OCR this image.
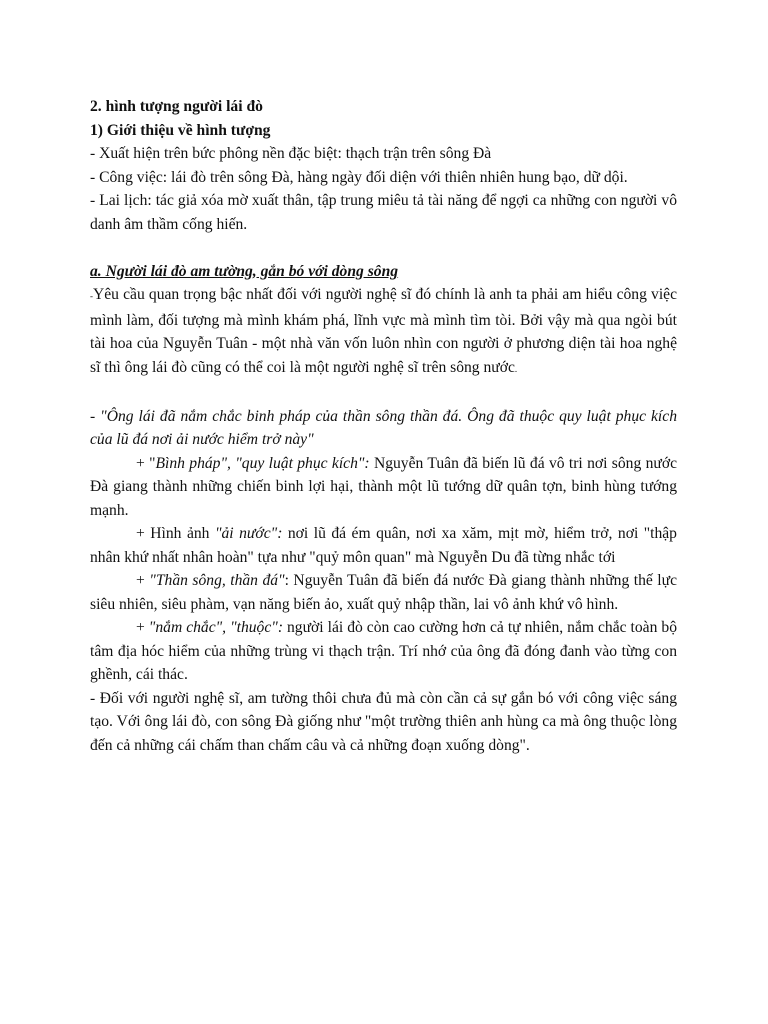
2. hình tượng người lái đò

1) Giới thiệu về hình tượng

- Xuất hiện trên bức phông nền đặc biệt: thạch trận trên sông Đà

- Công việc: lái đò trên sông Đà, hàng ngày đối diện với thiên nhiên hung bạo, dữ dội.

- Lai lịch: tác giả xóa mờ xuất thân, tập trung miêu tả tài năng để ngợi ca những con người vô danh âm thầm cống hiến.

a. Người lái đò am tường, gắn bó với dòng sông

-Yêu cầu quan trọng bậc nhất đối với người nghệ sĩ đó chính là anh ta phải am hiểu công việc mình làm, đối tượng mà mình khám phá, lĩnh vực mà mình tìm tòi. Bởi vậy mà qua ngòi bút tài hoa của Nguyễn Tuân - một nhà văn vốn luôn nhìn con người ở phương diện tài hoa nghệ sĩ thì ông lái đò cũng có thể coi là một người nghệ sĩ trên sông nước.

- "Ông lái đã nắm chắc binh pháp của thần sông thần đá. Ông đã thuộc quy luật phục kích của lũ đá nơi ải nước hiểm trở này"

+ "Bình pháp", "quy luật phục kích": Nguyễn Tuân đã biến lũ đá vô tri nơi sông nước Đà giang thành những chiến binh lợi hại, thành một lũ tướng dữ quân tợn, binh hùng tướng mạnh.

+ Hình ảnh "ải nước": nơi lũ đá ém quân, nơi xa xăm, mịt mờ, hiểm trở, nơi "thập nhân khứ nhất nhân hoàn" tựa như "quỷ môn quan" mà Nguyễn Du đã từng nhắc tới

+ "Thần sông, thần đá": Nguyễn Tuân đã biến đá nước Đà giang thành những thế lực siêu nhiên, siêu phàm, vạn năng biến ảo, xuất quỷ nhập thần, lai vô ảnh khứ vô hình.

+ "nắm chắc", "thuộc": người lái đò còn cao cường hơn cả tự nhiên, nắm chắc toàn bộ tâm địa hóc hiểm của những trùng vi thạch trận. Trí nhớ của ông đã đóng đanh vào từng con ghềnh, cái thác.

- Đối với người nghệ sĩ, am tường thôi chưa đủ mà còn cần cả sự gắn bó với công việc sáng tạo. Với ông lái đò, con sông Đà giống như "một trường thiên anh hùng ca mà ông thuộc lòng đến cả những cái chấm than chấm câu và cả những đoạn xuống dòng".
